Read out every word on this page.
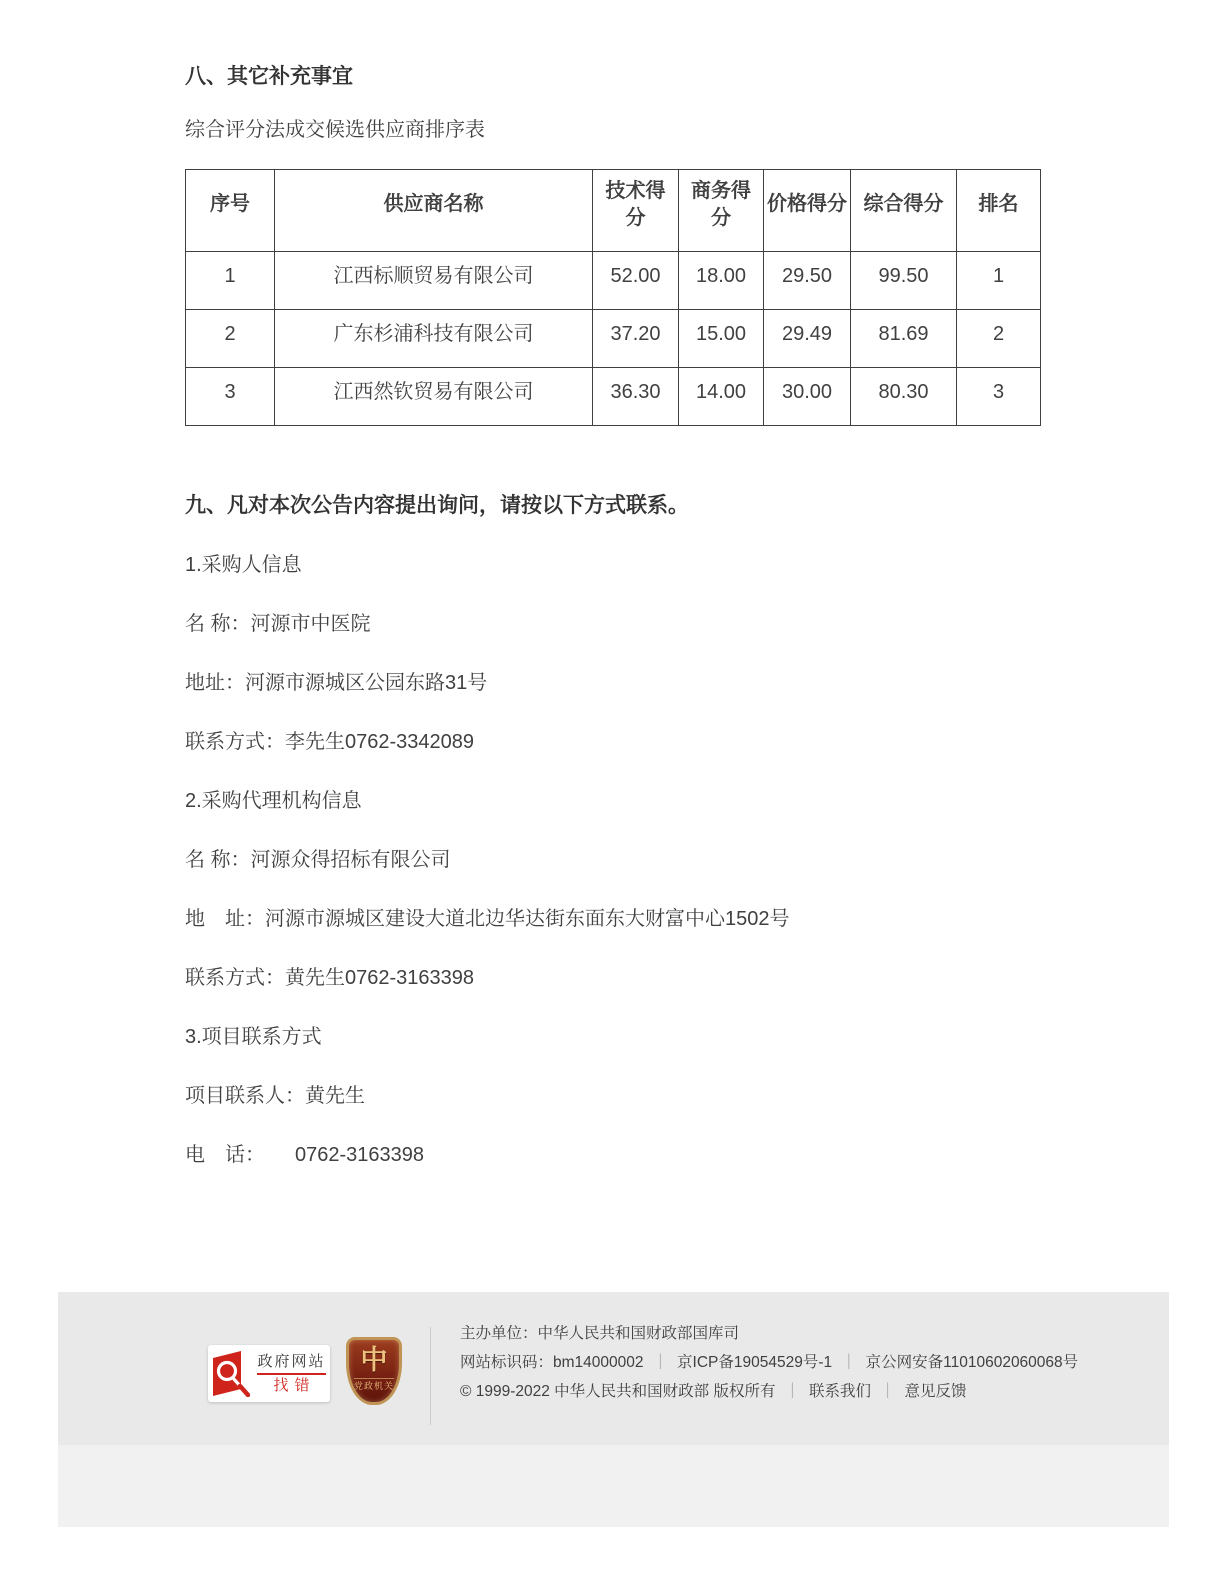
八、其它补充事宜

综合评分法成交候选供应商排序表

序号	供应商名称	技术得分	商务得分	价格得分	综合得分	排名
1	江西标顺贸易有限公司	52.00	18.00	29.50	99.50	1
2	广东杉浦科技有限公司	37.20	15.00	29.49	81.69	2
3	江西然钦贸易有限公司	36.30	14.00	30.00	80.30	3
九、凡对本次公告内容提出询问，请按以下方式联系。

1.采购人信息

名 称：河源市中医院

地址：河源市源城区公园东路31号

联系方式：李先生0762-3342089

2.采购代理机构信息

名 称：河源众得招标有限公司

地　址：河源市源城区建设大道北边华达街东面东大财富中心1502号

联系方式：黄先生0762-3163398

3.项目联系方式

项目联系人：黄先生

电　话：　　0762-3163398

政府网站
找错
中
党政机关

主办单位：中华人民共和国财政部国库司

网站标识码：bm14000002 ｜ 京ICP备19054529号-1 ｜ 京公网安备11010602060068号

© 1999-2022 中华人民共和国财政部 版权所有 ｜ 联系我们 ｜ 意见反馈
